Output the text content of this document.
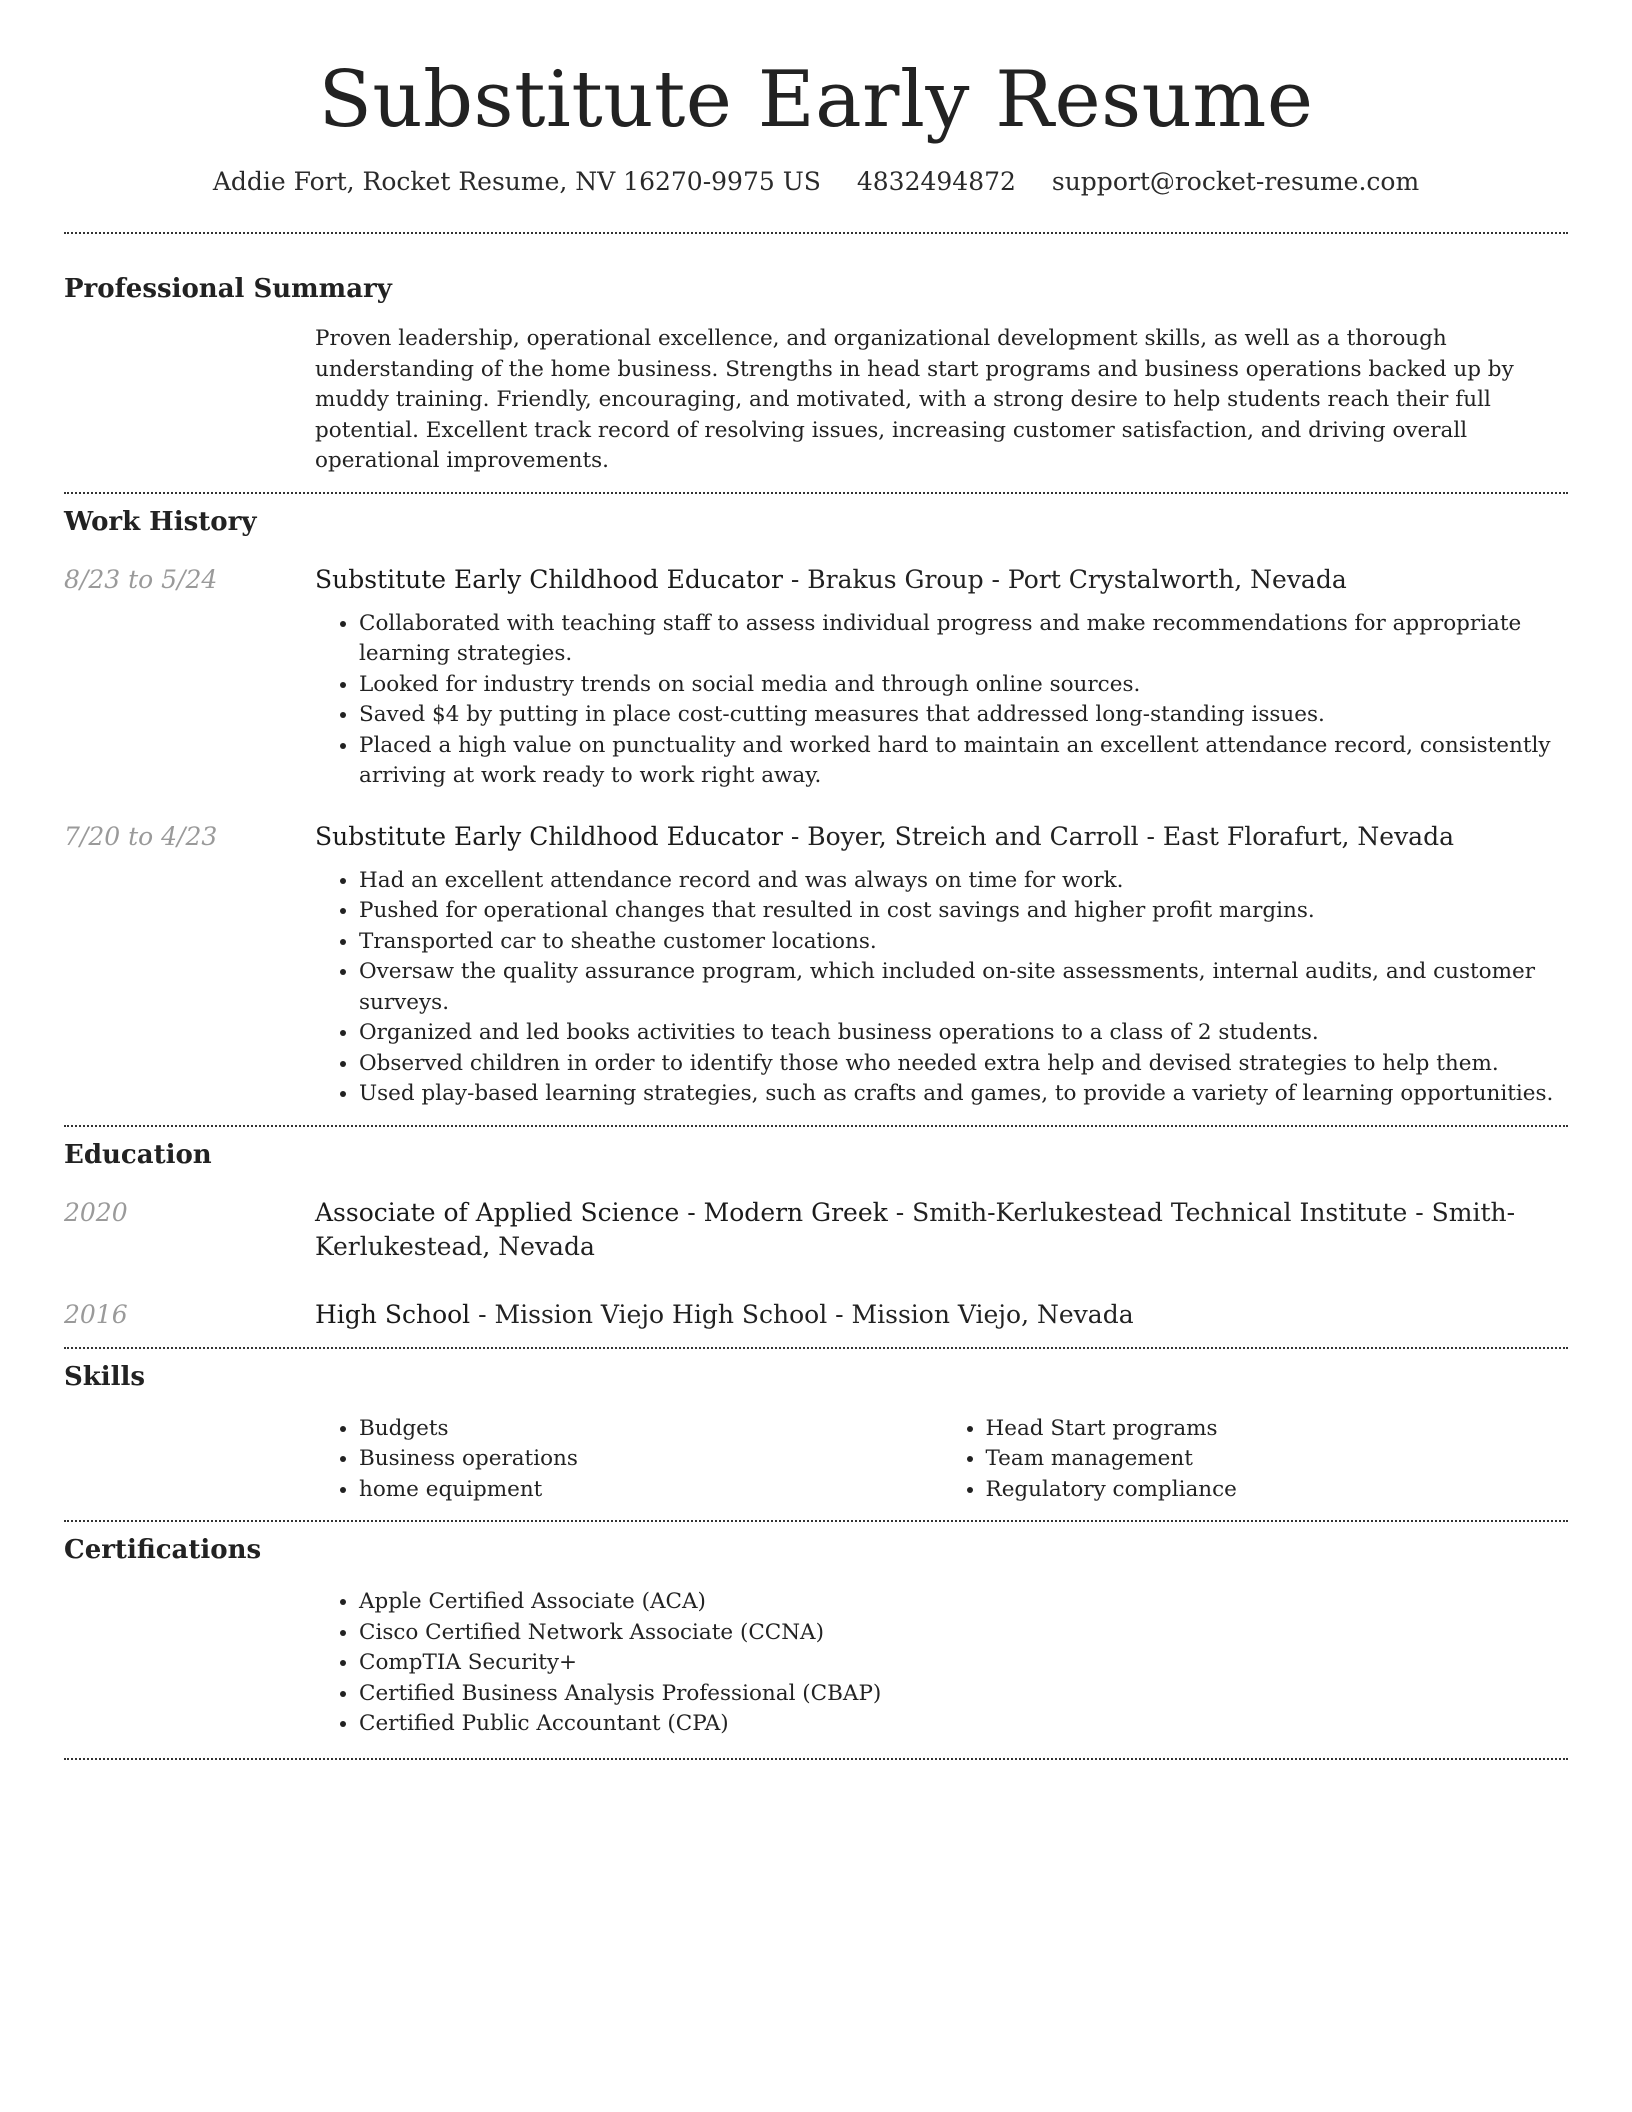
Substitute Early Resume
Addie Fort, Rocket Resume, NV 16270-9975 US 4832494872 support@rocket-resume.com
Professional Summary

Proven leadership, operational excellence, and organizational development skills, as well as a thorough understanding of the home business. Strengths in head start programs and business operations backed up by muddy training. Friendly, encouraging, and motivated, with a strong desire to help students reach their full potential. Excellent track record of resolving issues, increasing customer satisfaction, and driving overall operational improvements.

Work History
8/23 to 5/24	Substitute Early Childhood Educator - Brakus Group - Port Crystalworth, Nevada
• Collaborated with teaching staff to assess individual progress and make recommendations for appropriate learning strategies.
• Looked for industry trends on social media and through online sources.
• Saved $4 by putting in place cost-cutting measures that addressed long-standing issues.
• Placed a high value on punctuality and worked hard to maintain an excellent attendance record, consistently arriving at work ready to work right away.
7/20 to 4/23	Substitute Early Childhood Educator - Boyer, Streich and Carroll - East Florafurt, Nevada
• Had an excellent attendance record and was always on time for work.
• Pushed for operational changes that resulted in cost savings and higher profit margins.
• Transported car to sheathe customer locations.
• Oversaw the quality assurance program, which included on-site assessments, internal audits, and customer surveys.
• Organized and led books activities to teach business operations to a class of 2 students.
• Observed children in order to identify those who needed extra help and devised strategies to help them.
• Used play-based learning strategies, such as crafts and games, to provide a variety of learning opportunities.
Education
2020	Associate of Applied Science - Modern Greek - Smith-Kerlukestead Technical Institute - Smith-Kerlukestead, Nevada
2016	High School - Mission Viejo High School - Mission Viejo, Nevada
Skills
• Budgets
• Business operations
• home equipment
• Head Start programs
• Team management
• Regulatory compliance
Certifications
• Apple Certified Associate (ACA)
• Cisco Certified Network Associate (CCNA)
• CompTIA Security+
• Certified Business Analysis Professional (CBAP)
• Certified Public Accountant (CPA)
